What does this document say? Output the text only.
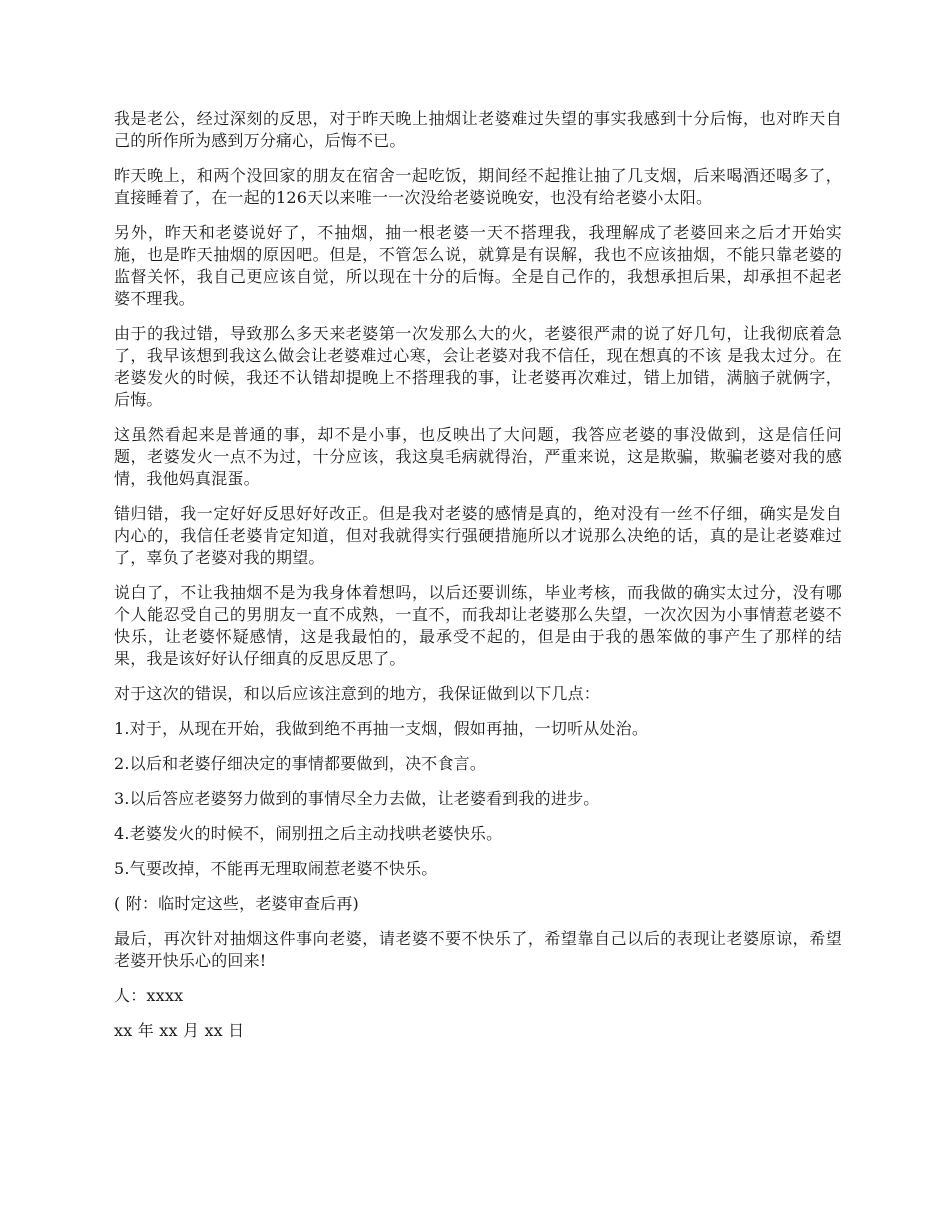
我是老公，经过深刻的反思，对于昨天晚上抽烟让老婆难过失望的事实我感到十分后悔，也对昨天自己的所作所为感到万分痛心，后悔不已。

昨天晚上，和两个没回家的朋友在宿舍一起吃饭，期间经不起推让抽了几支烟，后来喝酒还喝多了，直接睡着了，在一起的126天以来唯一一次没给老婆说晚安，也没有给老婆小太阳。

另外，昨天和老婆说好了，不抽烟，抽一根老婆一天不搭理我，我理解成了老婆回来之后才开始实施，也是昨天抽烟的原因吧。但是，不管怎么说，就算是有误解，我也不应该抽烟，不能只靠老婆的监督关怀，我自己更应该自觉，所以现在十分的后悔。全是自己作的，我想承担后果，却承担不起老婆不理我。

由于的我过错，导致那么多天来老婆第一次发那么大的火，老婆很严肃的说了好几句，让我彻底着急了，我早该想到我这么做会让老婆难过心寒，会让老婆对我不信任，现在想真的不该 是我太过分。在老婆发火的时候，我还不认错却提晚上不搭理我的事，让老婆再次难过，错上加错，满脑子就俩字，后悔。

这虽然看起来是普通的事，却不是小事，也反映出了大问题，我答应老婆的事没做到，这是信任问题，老婆发火一点不为过，十分应该，我这臭毛病就得治，严重来说，这是欺骗，欺骗老婆对我的感情，我他妈真混蛋。

错归错，我一定好好反思好好改正。但是我对老婆的感情是真的，绝对没有一丝不仔细，确实是发自内心的，我信任老婆肯定知道，但对我就得实行强硬措施所以才说那么决绝的话，真的是让老婆难过了，辜负了老婆对我的期望。

说白了，不让我抽烟不是为我身体着想吗，以后还要训练，毕业考核，而我做的确实太过分，没有哪个人能忍受自己的男朋友一直不成熟，一直不，而我却让老婆那么失望，一次次因为小事情惹老婆不快乐，让老婆怀疑感情，这是我最怕的，最承受不起的，但是由于我的愚笨做的事产生了那样的结果，我是该好好认仔细真的反思反思了。

对于这次的错误，和以后应该注意到的地方，我保证做到以下几点：

1.对于，从现在开始，我做到绝不再抽一支烟，假如再抽，一切听从处治。

2.以后和老婆仔细决定的事情都要做到，决不食言。

3.以后答应老婆努力做到的事情尽全力去做，让老婆看到我的进步。

4.老婆发火的时候不，闹别扭之后主动找哄老婆快乐。

5.气要改掉，不能再无理取闹惹老婆不快乐。

( 附：临时定这些，老婆审查后再)

最后，再次针对抽烟这件事向老婆，请老婆不要不快乐了，希望靠自己以后的表现让老婆原谅，希望老婆开快乐心的回来!

人：xxxx

xx 年 xx 月 xx 日
